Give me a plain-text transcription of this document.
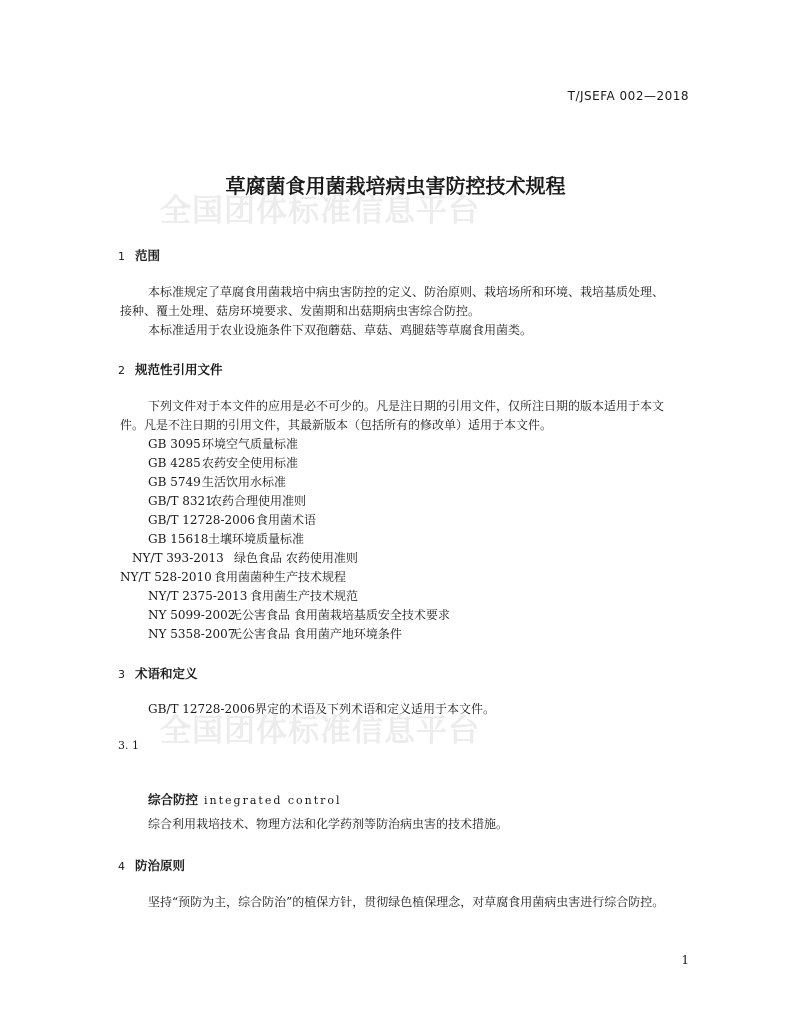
T/JSEFA 002—2018
草腐菌食用菌栽培病虫害防控技术规程
全国团体标准信息平台
全国团体标准信息平台
1 范围
本标准规定了草腐食用菌栽培中病虫害防控的定义、防治原则、栽培场所和环境、栽培基质处理、
接种、覆土处理、菇房环境要求、发菌期和出菇期病虫害综合防控。
本标准适用于农业设施条件下双孢蘑菇、草菇、鸡腿菇等草腐食用菌类。
2 规范性引用文件
下列文件对于本文件的应用是必不可少的。凡是注日期的引用文件，仅所注日期的版本适用于本文
件。凡是不注日期的引用文件，其最新版本（包括所有的修改单）适用于本文件。
GB 3095环境空气质量标准
GB 4285农药安全使用标准
GB 5749生活饮用水标准
GB/T 8321农药合理使用准则
GB/T 12728-2006食用菌术语
GB 15618土壤环境质量标准
NY/T 393-2013 绿色食品 农药使用准则
NY/T 528-2010 食用菌菌种生产技术规程
NY/T 2375-2013 食用菌生产技术规范
NY 5099-2002无公害食品 食用菌栽培基质安全技术要求
NY 5358-2007无公害食品 食用菌产地环境条件
3 术语和定义
GB/T 12728-2006界定的术语及下列术语和定义适用于本文件。
3. 1
综合防控 integrated control
综合利用栽培技术、物理方法和化学药剂等防治病虫害的技术措施。
4 防治原则
坚持“预防为主，综合防治”的植保方针，贯彻绿色植保理念，对草腐食用菌病虫害进行综合防控。
1
